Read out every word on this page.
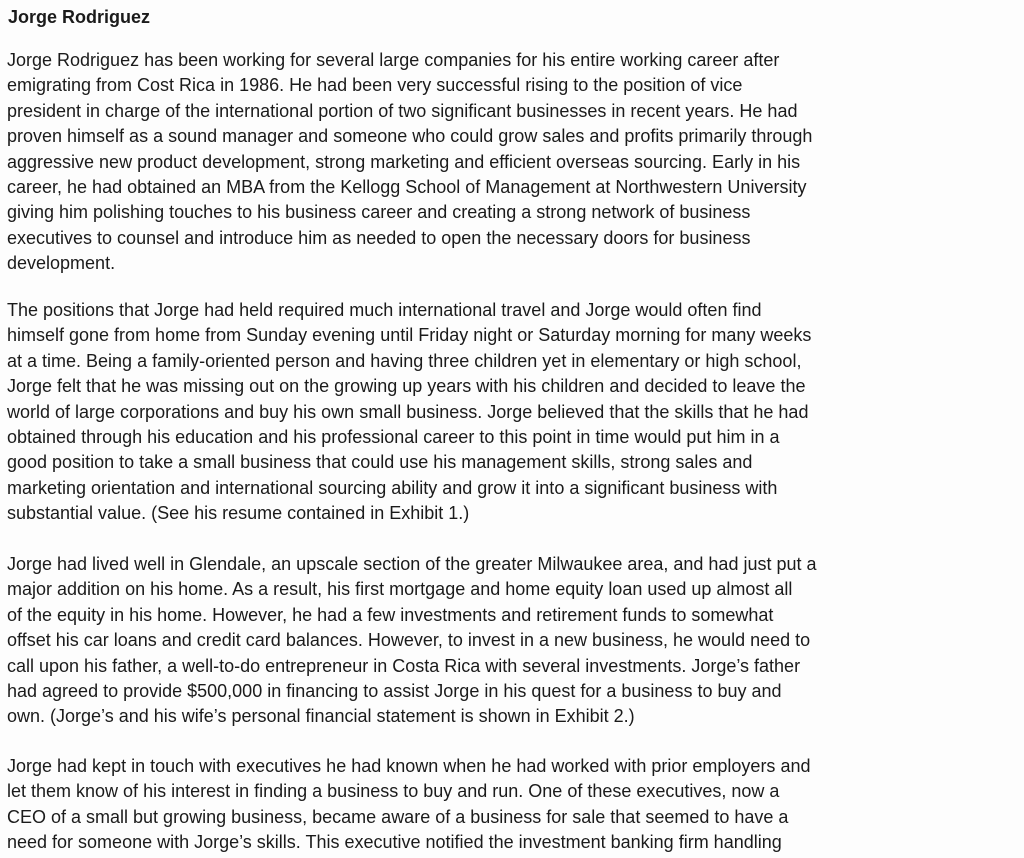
Jorge Rodriguez
Jorge Rodriguez has been working for several large companies for his entire working career after
emigrating from Cost Rica in 1986. He had been very successful rising to the position of vice
president in charge of the international portion of two significant businesses in recent years. He had
proven himself as a sound manager and someone who could grow sales and profits primarily through
aggressive new product development, strong marketing and efficient overseas sourcing. Early in his
career, he had obtained an MBA from the Kellogg School of Management at Northwestern University
giving him polishing touches to his business career and creating a strong network of business
executives to counsel and introduce him as needed to open the necessary doors for business
development.
The positions that Jorge had held required much international travel and Jorge would often find
himself gone from home from Sunday evening until Friday night or Saturday morning for many weeks
at a time. Being a family-oriented person and having three children yet in elementary or high school,
Jorge felt that he was missing out on the growing up years with his children and decided to leave the
world of large corporations and buy his own small business. Jorge believed that the skills that he had
obtained through his education and his professional career to this point in time would put him in a
good position to take a small business that could use his management skills, strong sales and
marketing orientation and international sourcing ability and grow it into a significant business with
substantial value. (See his resume contained in Exhibit 1.)
Jorge had lived well in Glendale, an upscale section of the greater Milwaukee area, and had just put a
major addition on his home. As a result, his first mortgage and home equity loan used up almost all
of the equity in his home. However, he had a few investments and retirement funds to somewhat
offset his car loans and credit card balances. However, to invest in a new business, he would need to
call upon his father, a well-to-do entrepreneur in Costa Rica with several investments. Jorge’s father
had agreed to provide $500,000 in financing to assist Jorge in his quest for a business to buy and
own. (Jorge’s and his wife’s personal financial statement is shown in Exhibit 2.)
Jorge had kept in touch with executives he had known when he had worked with prior employers and
let them know of his interest in finding a business to buy and run. One of these executives, now a
CEO of a small but growing business, became aware of a business for sale that seemed to have a
need for someone with Jorge’s skills. This executive notified the investment banking firm handling
